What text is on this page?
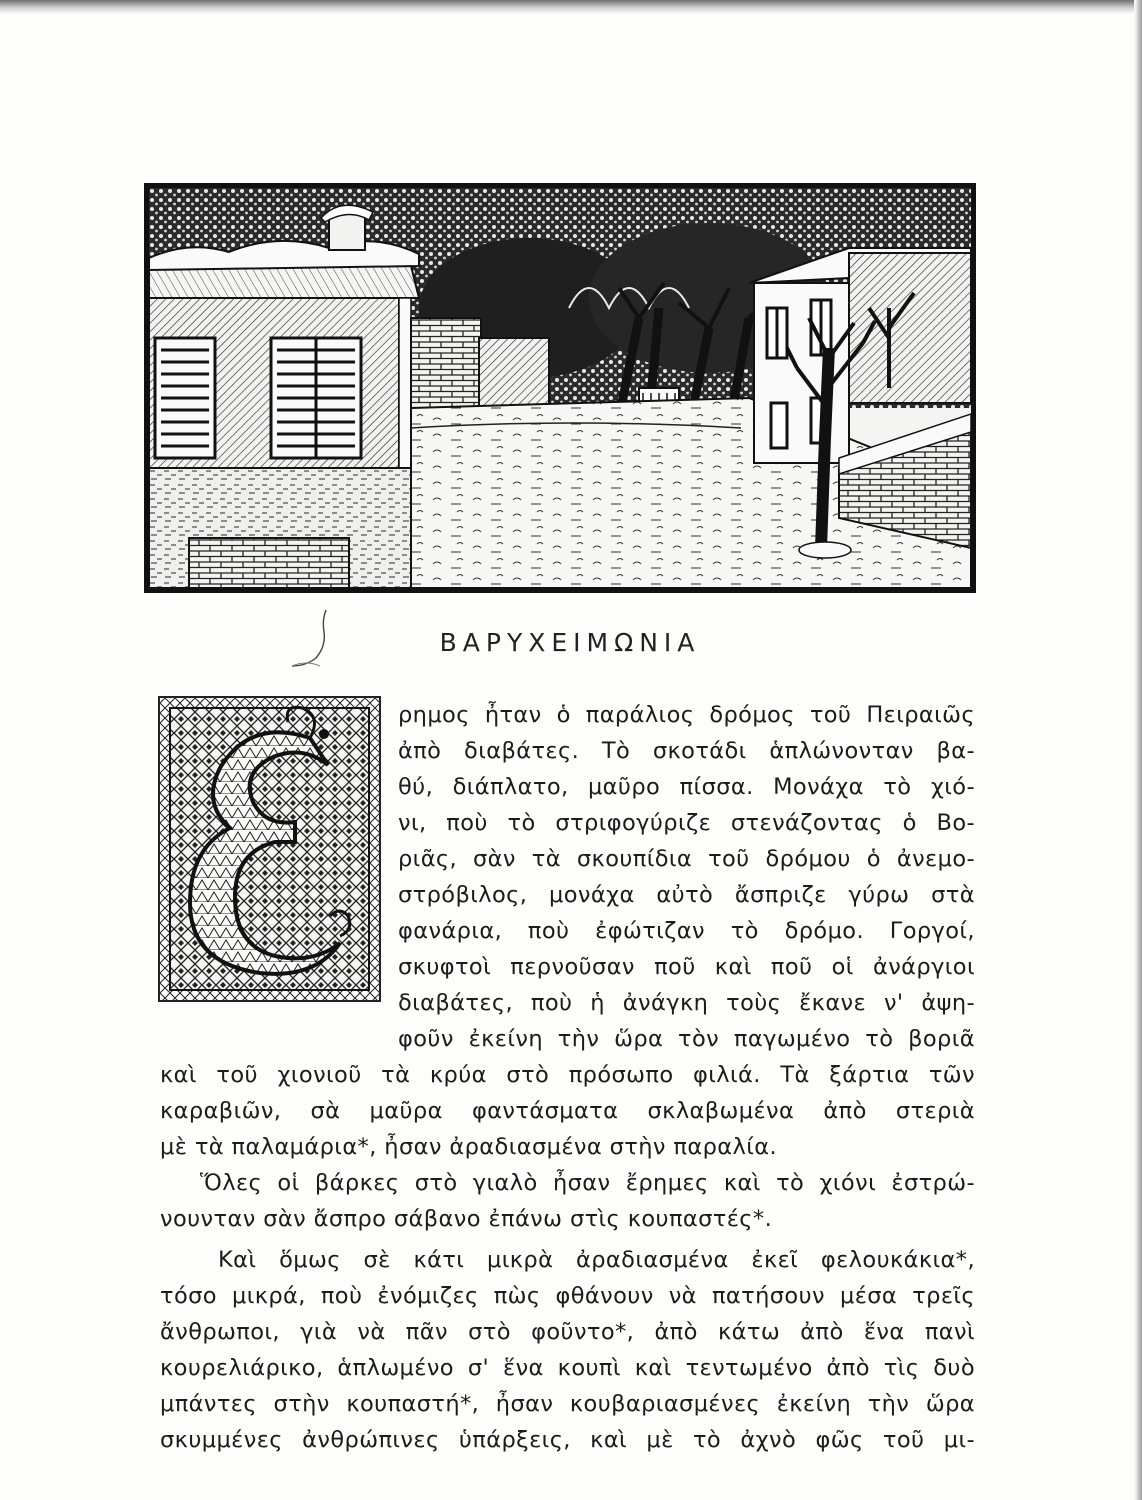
ΒΑΡΥΧΕΙΜΩΝΙΑ
ρημος ἦταν ὁ παράλιος δρόμος τοῦ Πειραιῶς
ἀπὸ διαβάτες. Τὸ σκοτάδι ἁπλώνονταν βα-
θύ, διάπλατο, μαῦρο πίσσα. Μονάχα τὸ χιό-
νι, ποὺ τὸ στριφογύριζε στενάζοντας ὁ Βο-
ριᾶς, σὰν τὰ σκουπίδια τοῦ δρόμου ὁ ἀνεμο-
στρόβιλος, μονάχα αὐτὸ ἄσπριζε γύρω στὰ
φανάρια, ποὺ ἐφώτιζαν τὸ δρόμο. Γοργοί,
σκυφτοὶ περνοῦσαν ποῦ καὶ ποῦ οἱ ἀνάργιοι
διαβάτες, ποὺ ἡ ἀνάγκη τοὺς ἔκανε ν' ἀψη-
φοῦν ἐκείνη τὴν ὥρα τὸν παγωμένο τὸ βοριᾶ
καὶ τοῦ χιονιοῦ τὰ κρύα στὸ πρόσωπο φιλιά. Τὰ ξάρτια τῶν
καραβιῶν, σὰ μαῦρα φαντάσματα σκλαβωμένα ἀπὸ στεριὰ
μὲ τὰ παλαμάρια*, ἦσαν ἀραδιασμένα στὴν παραλία.
Ὅλες οἱ βάρκες στὸ γιαλὸ ἦσαν ἔρημες καὶ τὸ χιόνι ἐστρώ-
νουνταν σὰν ἄσπρο σάβανο ἐπάνω στὶς κουπαστές*.
Καὶ ὅμως σὲ κάτι μικρὰ ἀραδιασμένα ἐκεῖ φελουκάκια*,
τόσο μικρά, ποὺ ἐνόμιζες πὼς φθάνουν νὰ πατήσουν μέσα τρεῖς
ἄνθρωποι, γιὰ νὰ πᾶν στὸ φοῦντο*, ἀπὸ κάτω ἀπὸ ἕνα πανὶ
κουρελιάρικο, ἁπλωμένο σ' ἕνα κουπὶ καὶ τεντωμένο ἀπὸ τὶς δυὸ
μπάντες στὴν κουπαστή*, ἦσαν κουβαριασμένες ἐκείνη τὴν ὥρα
σκυμμένες ἀνθρώπινες ὑπάρξεις, καὶ μὲ τὸ ἀχνὸ φῶς τοῦ μι-
